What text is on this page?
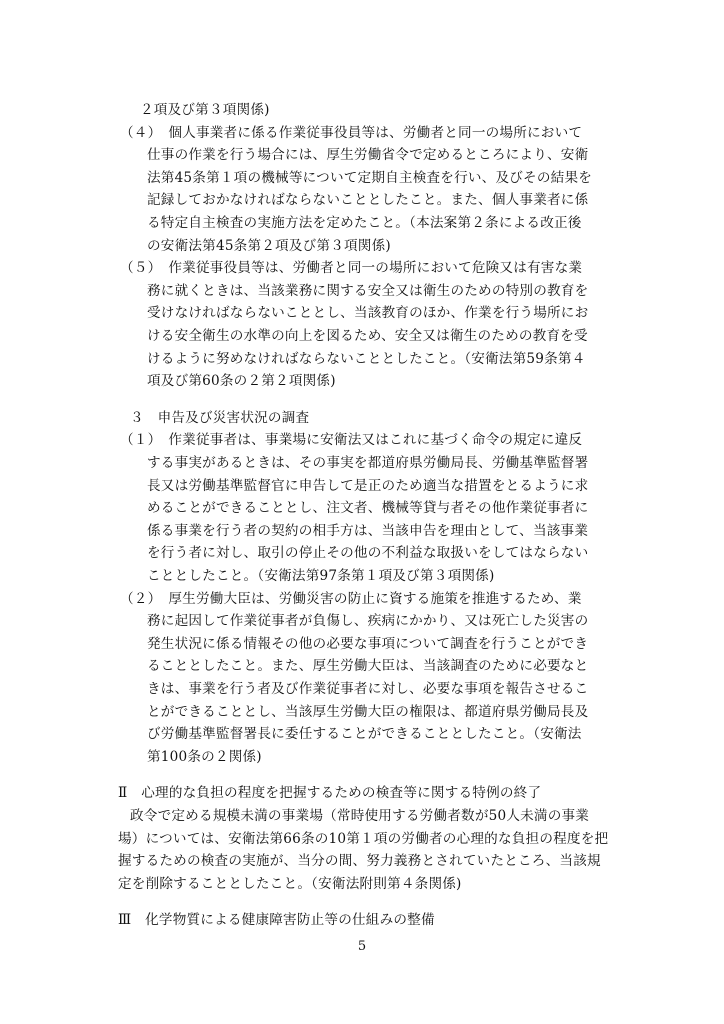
２項及び第３項関係)
（４）　個人事業者に係る作業従事役員等は、労働者と同一の場所において
仕事の作業を行う場合には、厚生労働省令で定めるところにより、安衛
法第45条第１項の機械等について定期自主検査を行い、及びその結果を
記録しておかなければならないこととしたこと。また、個人事業者に係
る特定自主検査の実施方法を定めたこと。（本法案第２条による改正後
の安衛法第45条第２項及び第３項関係)
（５）　作業従事役員等は、労働者と同一の場所において危険又は有害な業
務に就くときは、当該業務に関する安全又は衛生のための特別の教育を
受けなければならないこととし、当該教育のほか、作業を行う場所にお
ける安全衛生の水準の向上を図るため、安全又は衛生のための教育を受
けるように努めなければならないこととしたこと。（安衛法第59条第４
項及び第60条の２第２項関係)
３　申告及び災害状況の調査
（１）　作業従事者は、事業場に安衛法又はこれに基づく命令の規定に違反
する事実があるときは、その事実を都道府県労働局長、労働基準監督署
長又は労働基準監督官に申告して是正のため適当な措置をとるように求
めることができることとし、注文者、機械等貸与者その他作業従事者に
係る事業を行う者の契約の相手方は、当該申告を理由として、当該事業
を行う者に対し、取引の停止その他の不利益な取扱いをしてはならない
こととしたこと。（安衛法第97条第１項及び第３項関係)
（２）　厚生労働大臣は、労働災害の防止に資する施策を推進するため、業
務に起因して作業従事者が負傷し、疾病にかかり、又は死亡した災害の
発生状況に係る情報その他の必要な事項について調査を行うことができ
ることとしたこと。また、厚生労働大臣は、当該調査のために必要なと
きは、事業を行う者及び作業従事者に対し、必要な事項を報告させるこ
とができることとし、当該厚生労働大臣の権限は、都道府県労働局長及
び労働基準監督署長に委任することができることとしたこと。（安衛法
第100条の２関係)
5
Ⅱ　心理的な負担の程度を把握するための検査等に関する特例の終了
政令で定める規模未満の事業場（常時使用する労働者数が50人未満の事業
場）については、安衛法第66条の10第１項の労働者の心理的な負担の程度を把
握するための検査の実施が、当分の間、努力義務とされていたところ、当該規
定を削除することとしたこと。（安衛法附則第４条関係)
Ⅲ　化学物質による健康障害防止等の仕組みの整備
